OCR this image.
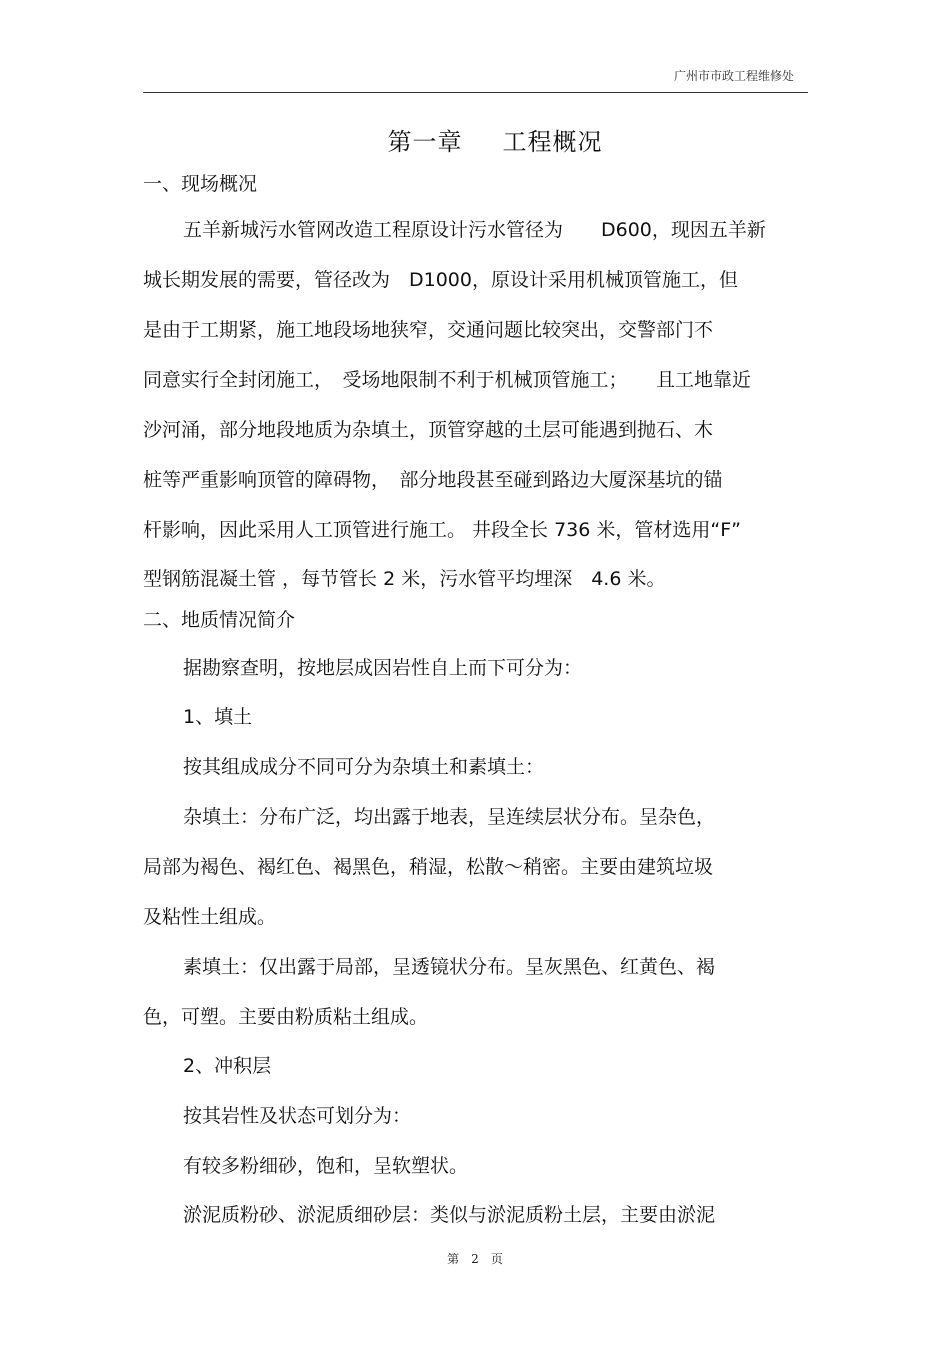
广州市市政工程维修处
第一章 工程概况
一、现场概况
五羊新城污水管网改造工程原设计污水管径为　　D600，现因五羊新
城长期发展的需要，管径改为　D1000，原设计采用机械顶管施工，但
是由于工期紧，施工地段场地狭窄，交通问题比较突出，交警部门不
同意实行全封闭施工，　受场地限制不利于机械顶管施工；　　且工地靠近
沙河涌，部分地段地质为杂填土，顶管穿越的土层可能遇到抛石、木
桩等严重影响顶管的障碍物，　部分地段甚至碰到路边大厦深基坑的锚
杆影响，因此采用人工顶管进行施工。 井段全长 736 米，管材选用“F”
型钢筋混凝土管 ，每节管长 2 米，污水管平均埋深　4.6 米。
二、地质情况简介
据勘察查明，按地层成因岩性自上而下可分为：
1、填土
按其组成成分不同可分为杂填土和素填土：
杂填土：分布广泛，均出露于地表，呈连续层状分布。呈杂色，
局部为褐色、褐红色、褐黑色，稍湿，松散～稍密。主要由建筑垃圾
及粘性土组成。
素填土：仅出露于局部，呈透镜状分布。呈灰黑色、红黄色、褐
色，可塑。主要由粉质粘土组成。
2、冲积层
按其岩性及状态可划分为：
有较多粉细砂，饱和，呈软塑状。
淤泥质粉砂、淤泥质细砂层：类似与淤泥质粉土层，主要由淤泥
第 2 页
